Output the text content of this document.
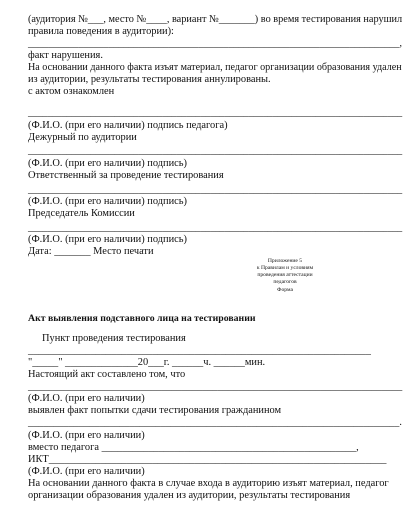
(аудитория №___, место №____, вариант №_______) во время тестирования нарушил
правила поведения в аудитории):
__________________________________________________________________________,
факт нарушения.
На основании данного факта изъят материал, педагог организации образования удален
из аудитории, результаты тестирования аннулированы.
с актом ознакомлен
______________________________________________________________________________
(Ф.И.О. (при его наличии) подпись педагога)
Дежурный по аудитории
______________________________________________________________________________
(Ф.И.О. (при его наличии) подпись)
Ответственный за проведение тестирования
______________________________________________________________________________
(Ф.И.О. (при его наличии) подпись)
Председатель Комиссии
______________________________________________________________________________
(Ф.И.О. (при его наличии) подпись)
Дата: _______ Место печати
Приложение 5
к Правилам и условиям
проведения аттестации
педагогов
Форма
Акт выявления подставного лица на тестировании
Пункт проведения тестирования
__________________________________________________________________
"_____" ______________20___г. ______ч. ______мин.
Настоящий акт составлено том, что
_________________________________________________________________________
(Ф.И.О. (при его наличии)
выявлен факт попытки сдачи тестирования гражданином
_________________________________________________________________________.
(Ф.И.О. (при его наличии)
вместо педагога _________________________________________________,
ИКТ_________________________________________________________________
(Ф.И.О. (при его наличии)
На основании данного факта в случае входа в аудиторию изъят материал, педагог
организации образования удален из аудитории, результаты тестирования
